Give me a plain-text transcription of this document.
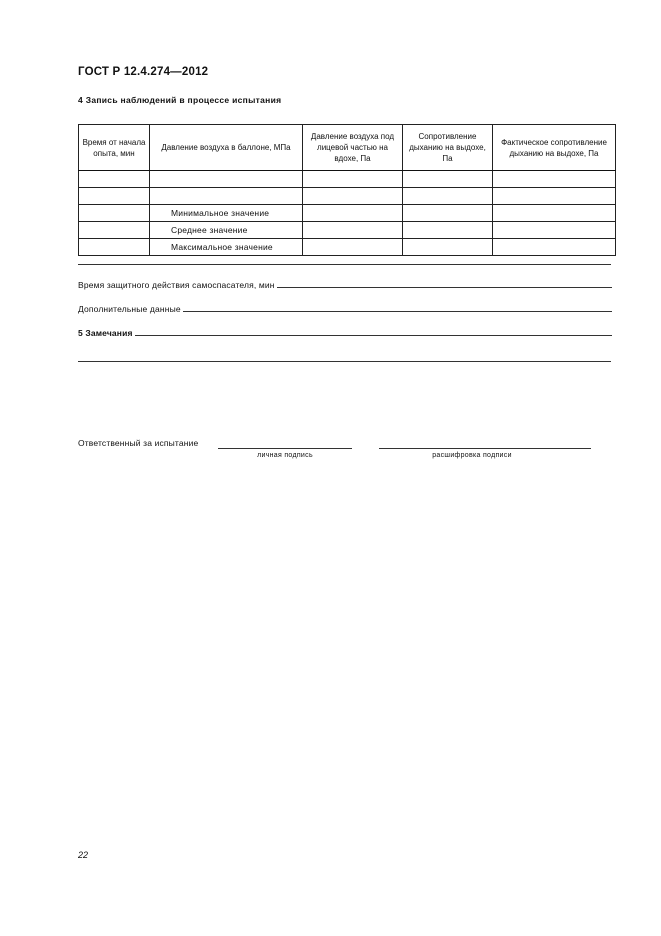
ГОСТ Р 12.4.274—2012
4 Запись наблюдений в процессе испытания
Время от начала опыта, мин	Давление воздуха в баллоне, МПа	Давление воздуха под лицевой частью на вдохе, Па	Сопротивление дыханию на выдохе, Па	Фактическое сопротивление дыханию на выдохе, Па

	Минимальное значение			
	Среднее значение			
	Максимальное значение			
Время защитного действия самоспасателя, мин
Дополнительные данные
5 Замечания
Ответственный за испытание
личная подпись	расшифровка подписи
22
